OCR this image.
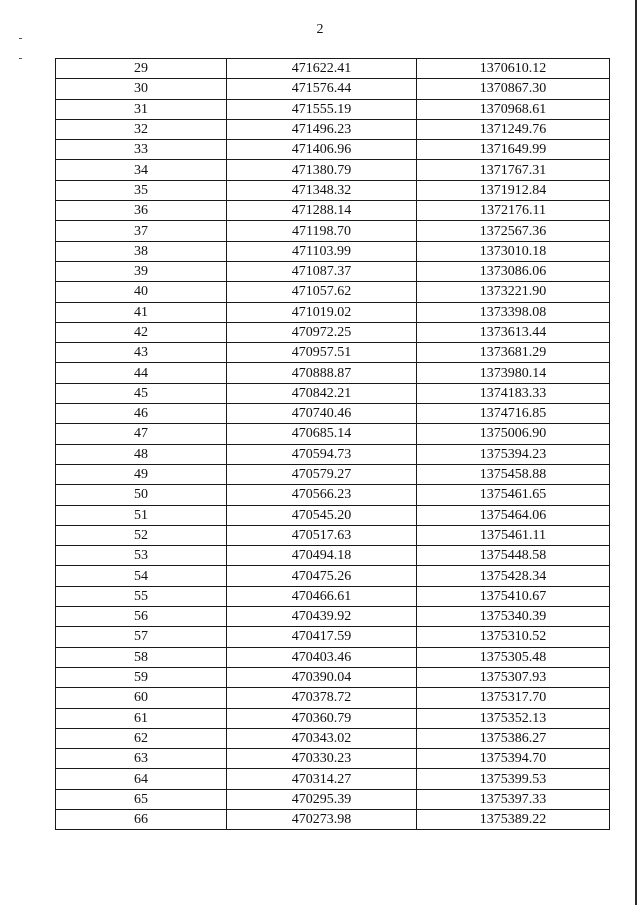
2
29	471622.41	1370610.12
30	471576.44	1370867.30
31	471555.19	1370968.61
32	471496.23	1371249.76
33	471406.96	1371649.99
34	471380.79	1371767.31
35	471348.32	1371912.84
36	471288.14	1372176.11
37	471198.70	1372567.36
38	471103.99	1373010.18
39	471087.37	1373086.06
40	471057.62	1373221.90
41	471019.02	1373398.08
42	470972.25	1373613.44
43	470957.51	1373681.29
44	470888.87	1373980.14
45	470842.21	1374183.33
46	470740.46	1374716.85
47	470685.14	1375006.90
48	470594.73	1375394.23
49	470579.27	1375458.88
50	470566.23	1375461.65
51	470545.20	1375464.06
52	470517.63	1375461.11
53	470494.18	1375448.58
54	470475.26	1375428.34
55	470466.61	1375410.67
56	470439.92	1375340.39
57	470417.59	1375310.52
58	470403.46	1375305.48
59	470390.04	1375307.93
60	470378.72	1375317.70
61	470360.79	1375352.13
62	470343.02	1375386.27
63	470330.23	1375394.70
64	470314.27	1375399.53
65	470295.39	1375397.33
66	470273.98	1375389.22
